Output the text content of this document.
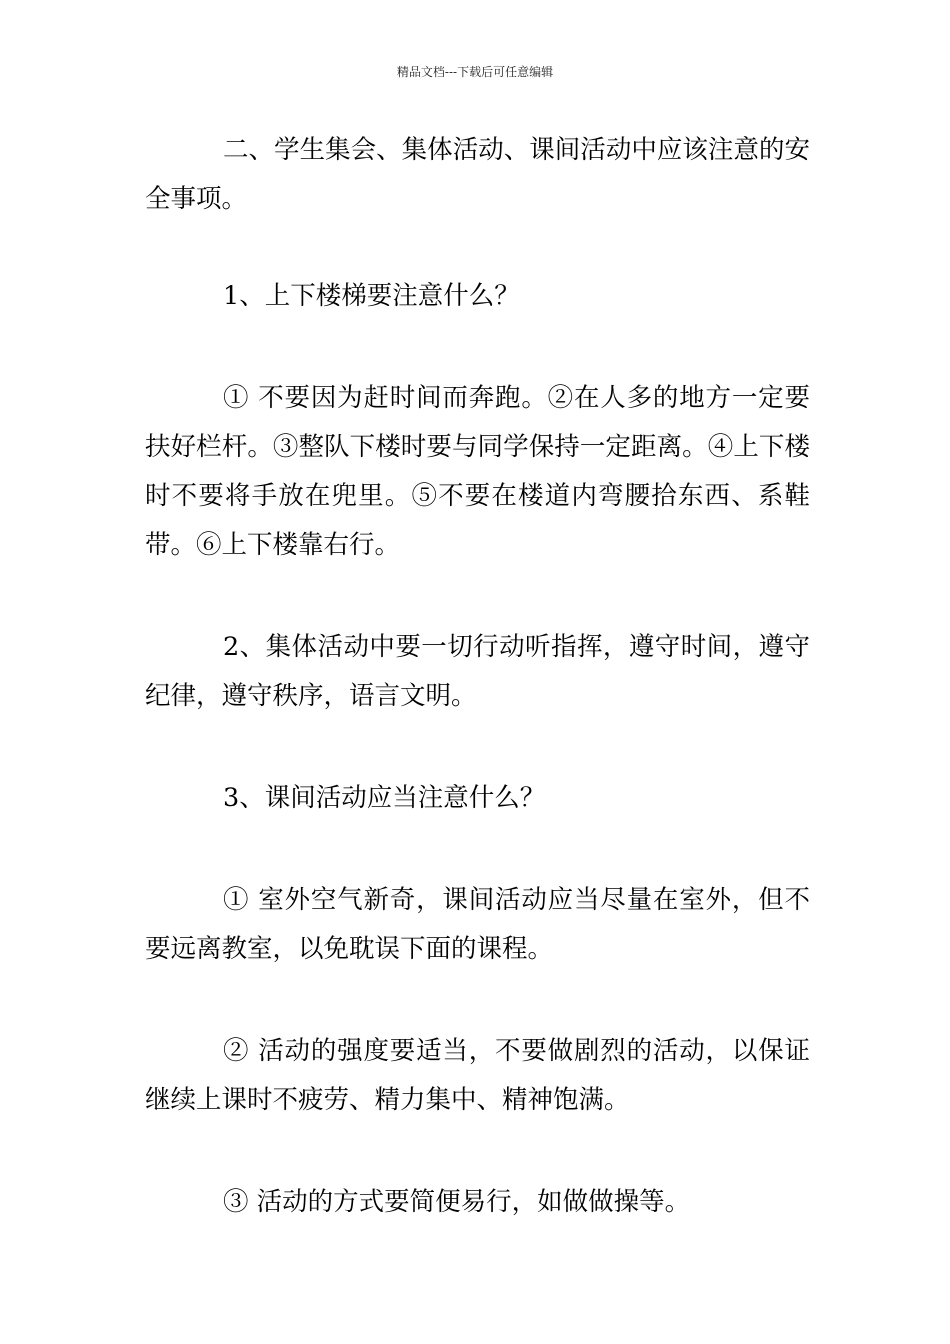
精品文档---下载后可任意编辑

二、学生集会、集体活动、课间活动中应该注意的安全事项。

1、上下楼梯要注意什么？

① 不要因为赶时间而奔跑。②在人多的地方一定要扶好栏杆。③整队下楼时要与同学保持一定距离。④上下楼时不要将手放在兜里。⑤不要在楼道内弯腰拾东西、系鞋带。⑥上下楼靠右行。

2、集体活动中要一切行动听指挥，遵守时间，遵守纪律，遵守秩序，语言文明。

3、课间活动应当注意什么？

① 室外空气新奇，课间活动应当尽量在室外，但不要远离教室，以免耽误下面的课程。

② 活动的强度要适当，不要做剧烈的活动，以保证继续上课时不疲劳、精力集中、精神饱满。

③ 活动的方式要简便易行，如做做操等。
